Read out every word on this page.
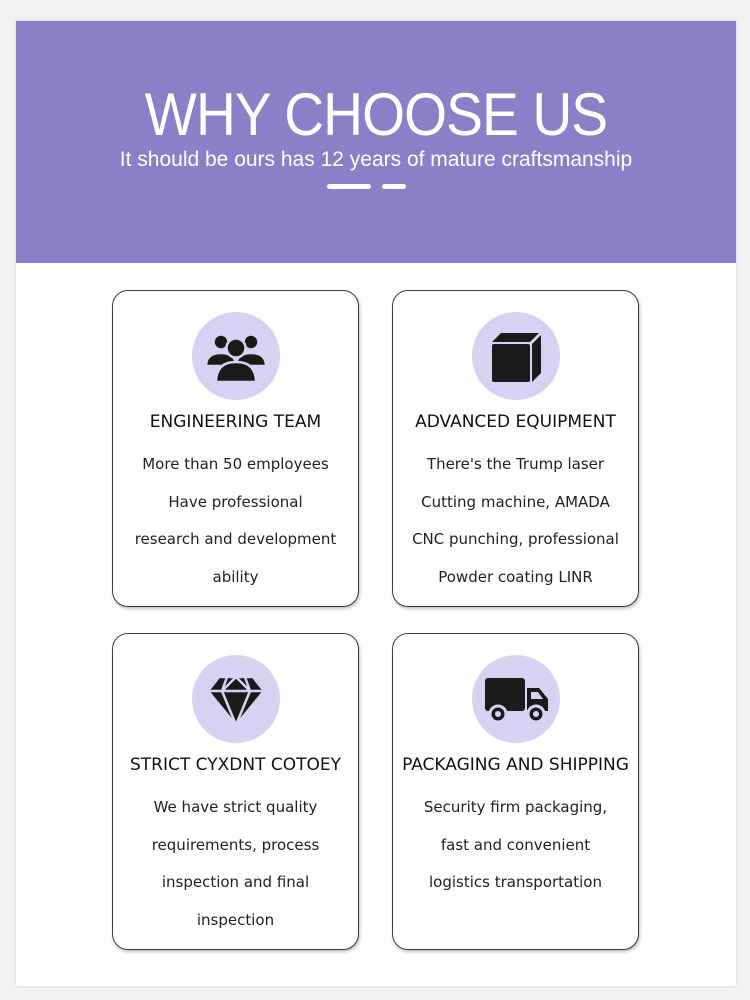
WHY CHOOSE US
It should be ours has 12 years of mature craftsmanship
ENGINEERING TEAM
More than 50 employees
Have professional
research and development
ability
ADVANCED EQUIPMENT
There's the Trump laser
Cutting machine, AMADA
CNC punching, professional
Powder coating LINR
STRICT CYXDNT COTOEY
We have strict quality
requirements, process
inspection and final
inspection
PACKAGING AND SHIPPING
Security firm packaging,
fast and convenient
logistics transportation
